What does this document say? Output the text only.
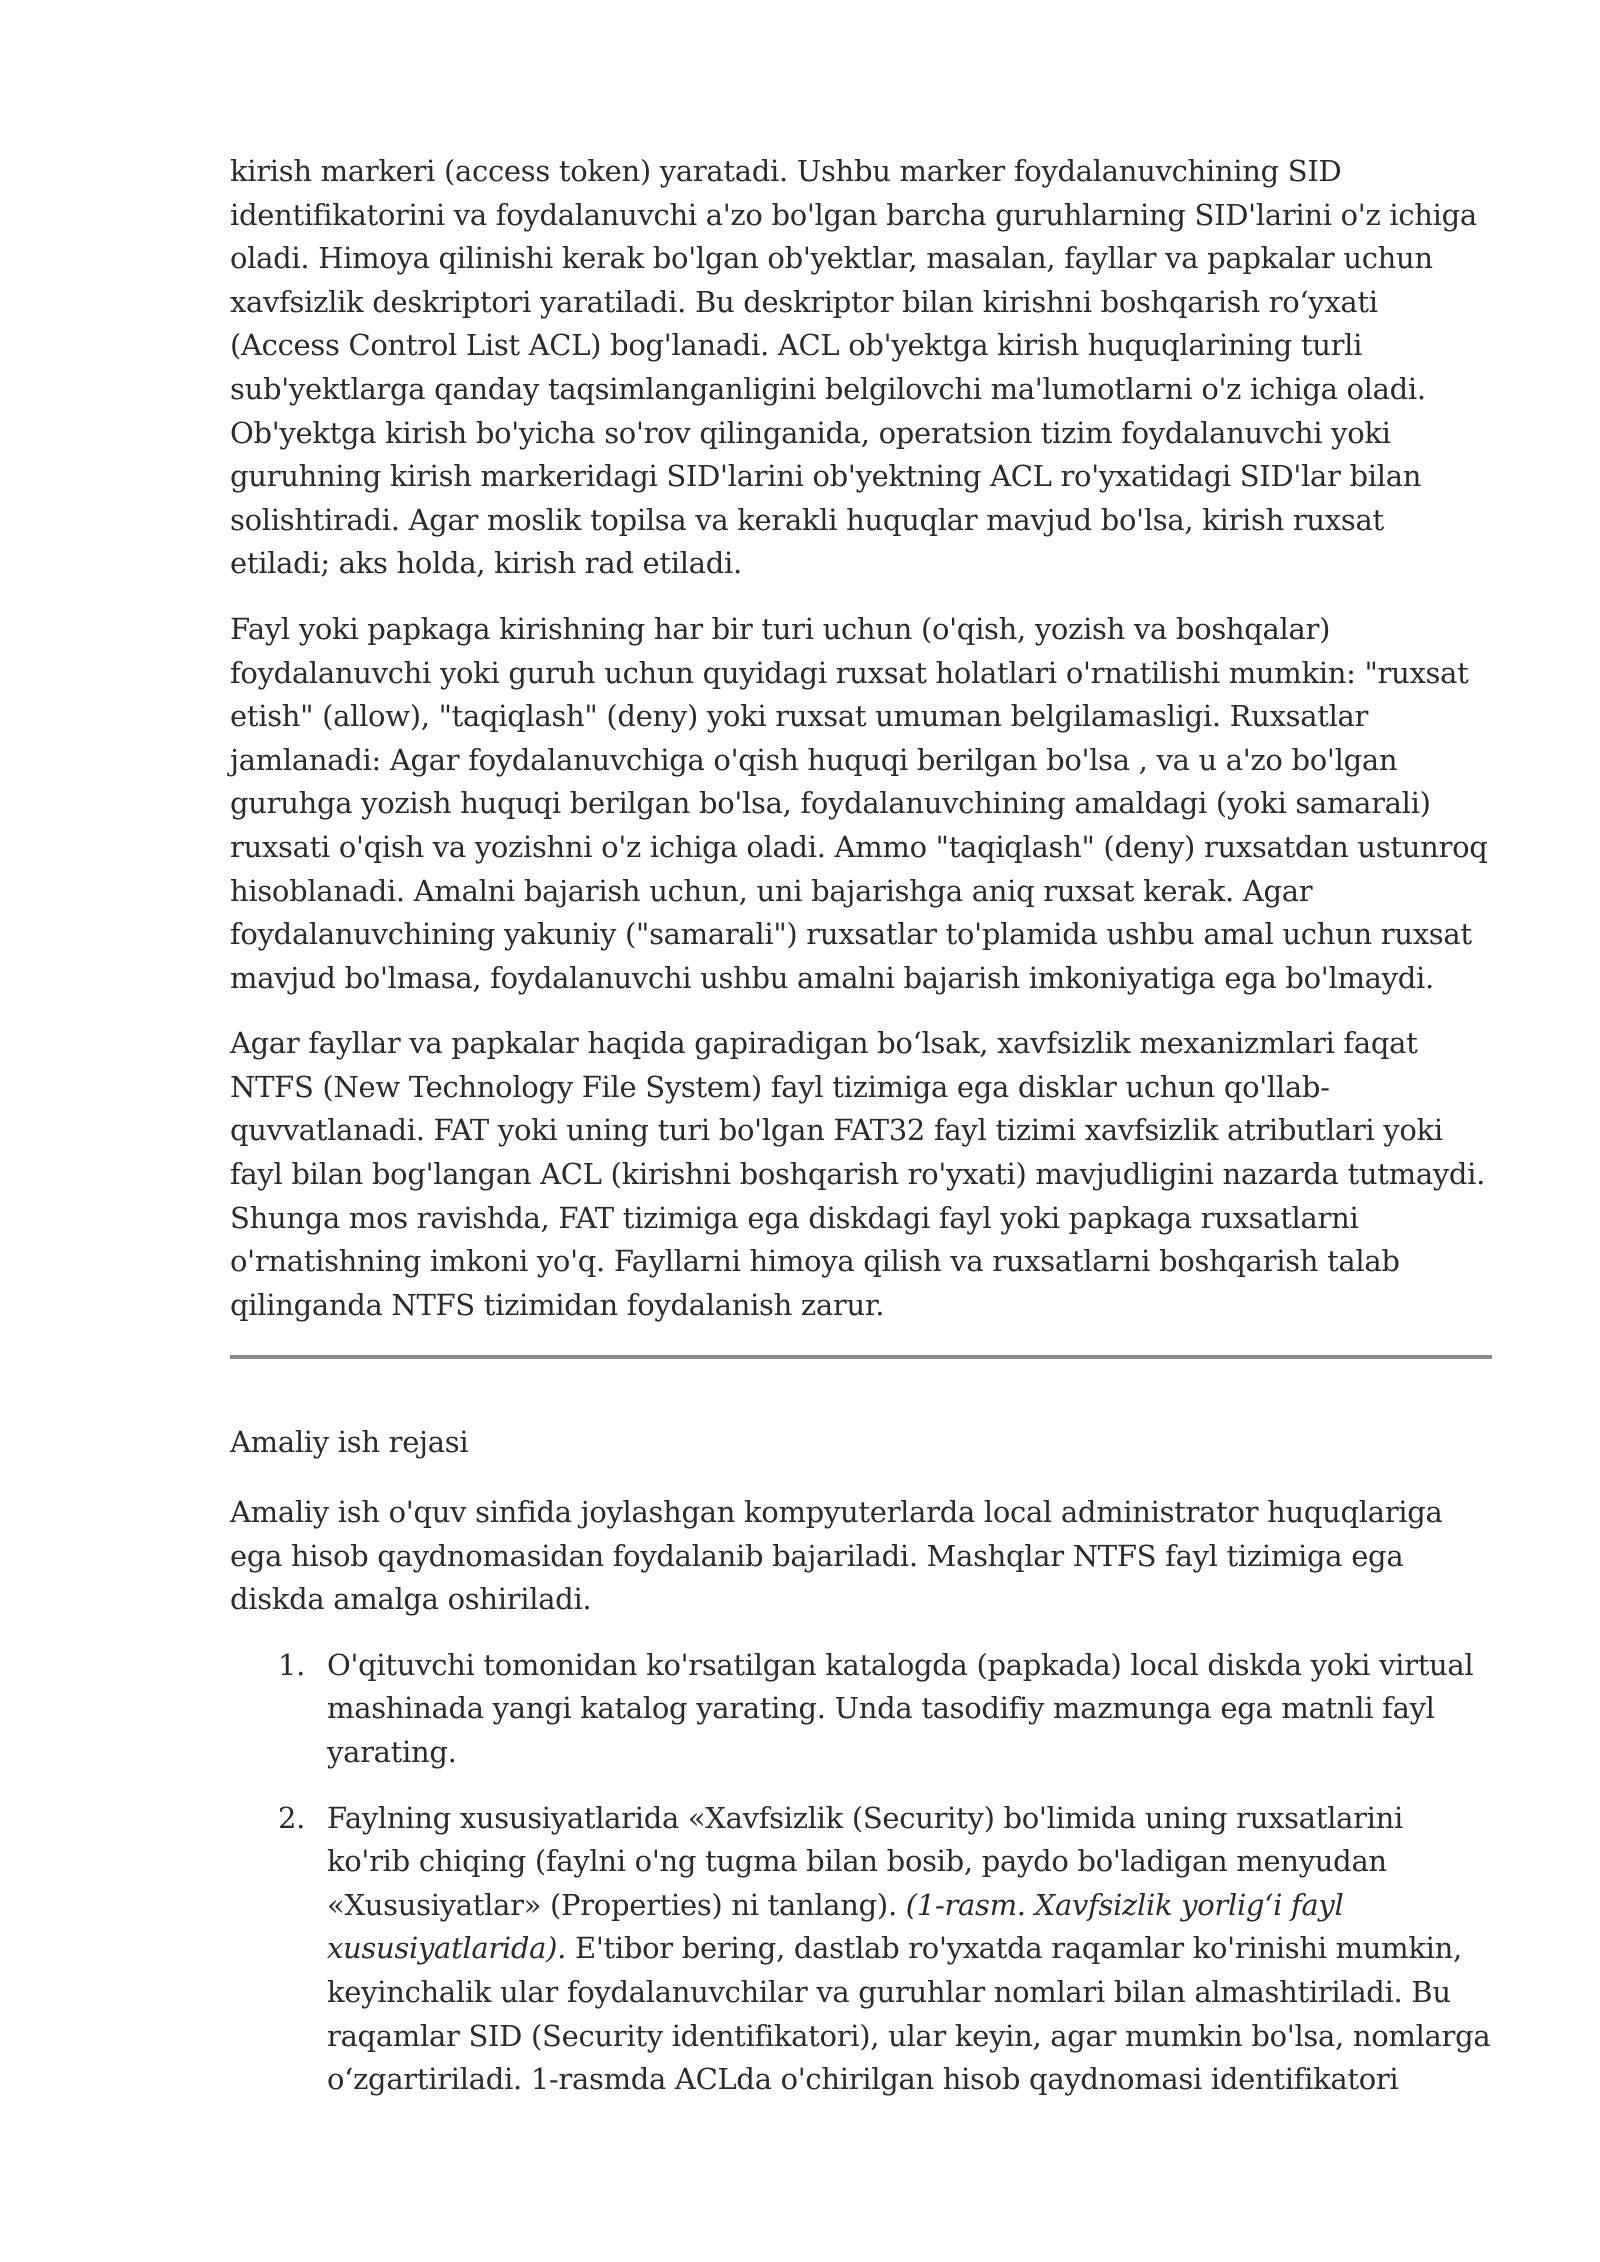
kirish markeri (access token) yaratadi. Ushbu marker foydalanuvchining SID identifikatorini va foydalanuvchi a'zo bo'lgan barcha guruhlarning SID'larini o'z ichiga oladi. Himoya qilinishi kerak bo'lgan ob'yektlar, masalan, fayllar va papkalar uchun xavfsizlik deskriptori yaratiladi. Bu deskriptor bilan kirishni boshqarish roʻyxati (Access Control List ACL) bog'lanadi. ACL ob'yektga kirish huquqlarining turli sub'yektlarga qanday taqsimlanganligini belgilovchi ma'lumotlarni o'z ichiga oladi. Ob'yektga kirish bo'yicha so'rov qilinganida, operatsion tizim foydalanuvchi yoki guruhning kirish markeridagi SID'larini ob'yektning ACL ro'yxatidagi SID'lar bilan solishtiradi. Agar moslik topilsa va kerakli huquqlar mavjud bo'lsa, kirish ruxsat etiladi; aks holda, kirish rad etiladi.

Fayl yoki papkaga kirishning har bir turi uchun (o'qish, yozish va boshqalar) foydalanuvchi yoki guruh uchun quyidagi ruxsat holatlari o'rnatilishi mumkin: "ruxsat etish" (allow), "taqiqlash" (deny) yoki ruxsat umuman belgilamasligi. Ruxsatlar jamlanadi: Agar foydalanuvchiga o'qish huquqi berilgan bo'lsa , va u a'zo bo'lgan guruhga yozish huquqi berilgan bo'lsa, foydalanuvchining amaldagi (yoki samarali) ruxsati o'qish va yozishni o'z ichiga oladi. Ammo "taqiqlash" (deny) ruxsatdan ustunroq hisoblanadi. Amalni bajarish uchun, uni bajarishga aniq ruxsat kerak. Agar foydalanuvchining yakuniy ("samarali") ruxsatlar to'plamida ushbu amal uchun ruxsat mavjud bo'lmasa, foydalanuvchi ushbu amalni bajarish imkoniyatiga ega bo'lmaydi.

Agar fayllar va papkalar haqida gapiradigan boʻlsak, xavfsizlik mexanizmlari faqat NTFS (New Technology File System) fayl tizimiga ega disklar uchun qo'llab-quvvatlanadi. FAT yoki uning turi bo'lgan FAT32 fayl tizimi xavfsizlik atributlari yoki fayl bilan bog'langan ACL (kirishni boshqarish ro'yxati) mavjudligini nazarda tutmaydi. Shunga mos ravishda, FAT tizimiga ega diskdagi fayl yoki papkaga ruxsatlarni o'rnatishning imkoni yo'q. Fayllarni himoya qilish va ruxsatlarni boshqarish talab qilinganda NTFS tizimidan foydalanish zarur.

Amaliy ish rejasi

Amaliy ish o'quv sinfida joylashgan kompyuterlarda local administrator huquqlariga ega hisob qaydnomasidan foydalanib bajariladi. Mashqlar NTFS fayl tizimiga ega diskda amalga oshiriladi.

1. O'qituvchi tomonidan ko'rsatilgan katalogda (papkada) local diskda yoki virtual mashinada yangi katalog yarating. Unda tasodifiy mazmunga ega matnli fayl yarating.
2. Faylning xususiyatlarida «Xavfsizlik (Security) bo'limida uning ruxsatlarini ko'rib chiqing (faylni o'ng tugma bilan bosib, paydo bo'ladigan menyudan «Xususiyatlar» (Properties) ni tanlang). (1-rasm. Xavfsizlik yorligʻi fayl xususiyatlarida). E'tibor bering, dastlab ro'yxatda raqamlar ko'rinishi mumkin, keyinchalik ular foydalanuvchilar va guruhlar nomlari bilan almashtiriladi. Bu raqamlar SID (Security identifikatori), ular keyin, agar mumkin bo'lsa, nomlarga oʻzgartiriladi. 1-rasmda ACLda o'chirilgan hisob qaydnomasi identifikatori
